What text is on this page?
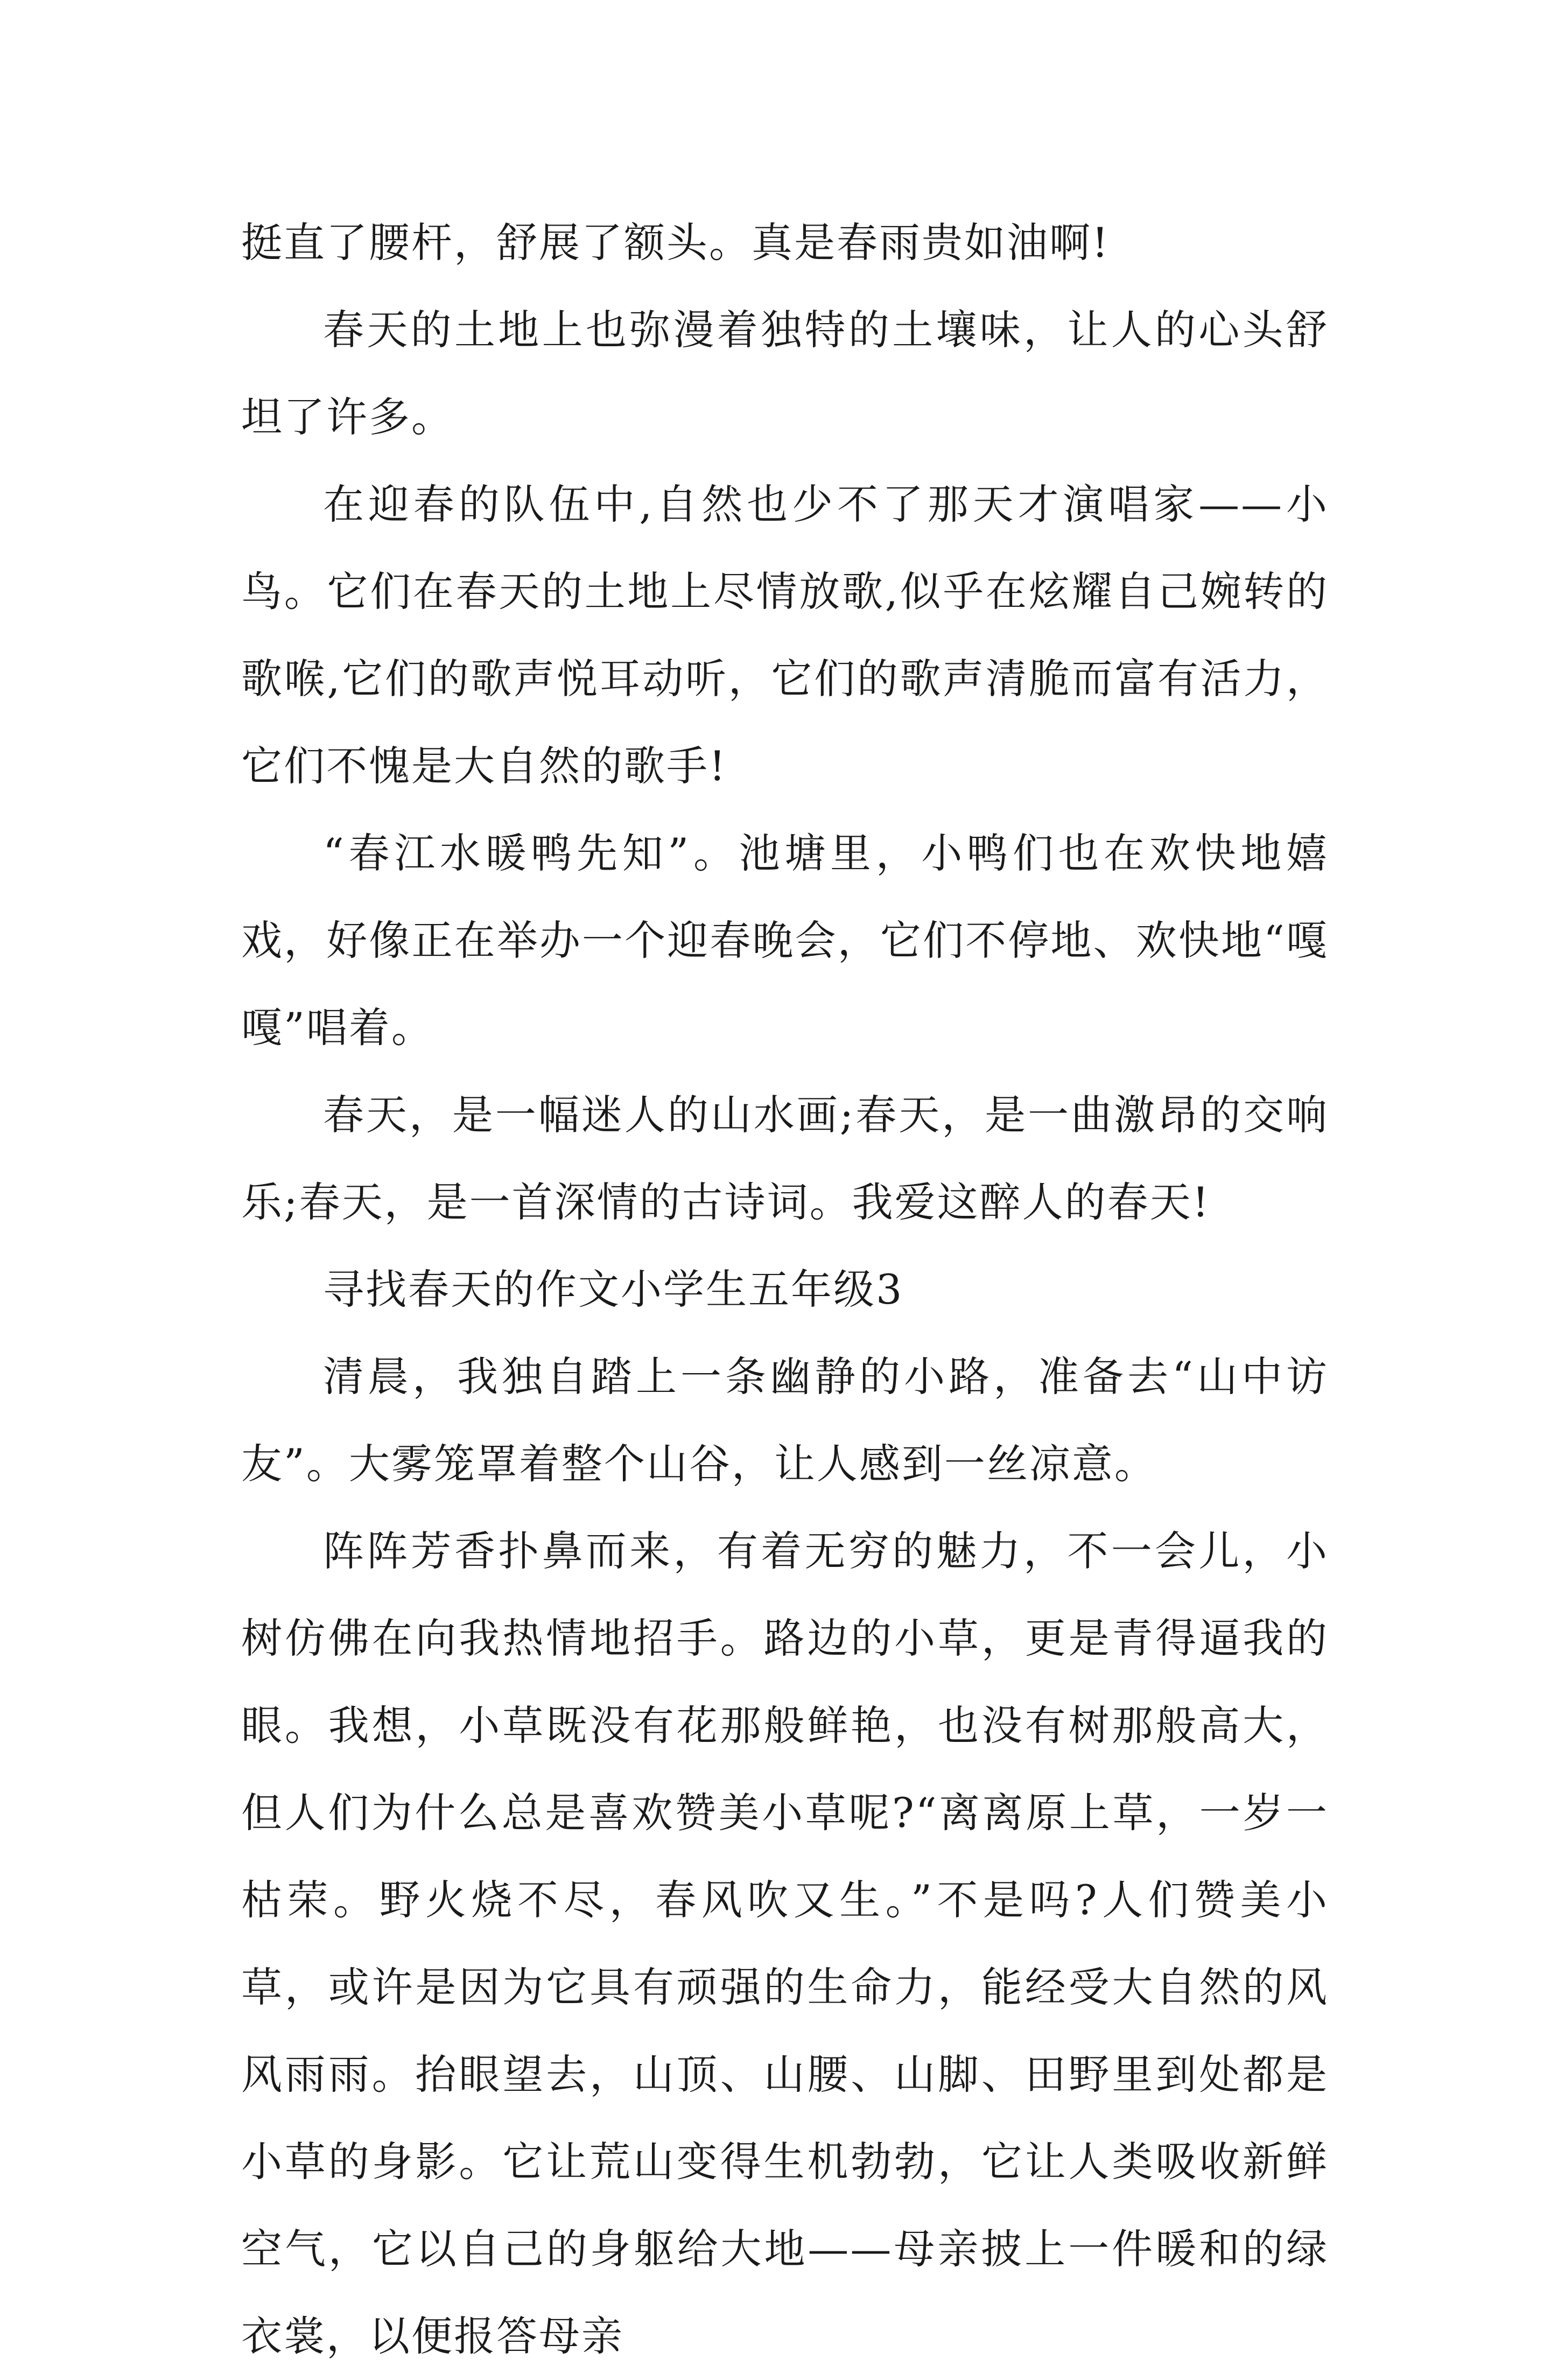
挺直了腰杆，舒展了额头。真是春雨贵如油啊!

春天的土地上也弥漫着独特的土壤味，让人的心头舒坦了许多。

在迎春的队伍中,自然也少不了那天才演唱家——小鸟。它们在春天的土地上尽情放歌,似乎在炫耀自己婉转的歌喉,它们的歌声悦耳动听，它们的歌声清脆而富有活力，它们不愧是大自然的歌手!

“春江水暖鸭先知”。池塘里，小鸭们也在欢快地嬉戏，好像正在举办一个迎春晚会，它们不停地、欢快地“嘎嘎”唱着。

春天，是一幅迷人的山水画;春天，是一曲激昂的交响乐;春天，是一首深情的古诗词。我爱这醉人的春天!

寻找春天的作文小学生五年级3

清晨，我独自踏上一条幽静的小路，准备去“山中访友”。大雾笼罩着整个山谷，让人感到一丝凉意。

阵阵芳香扑鼻而来，有着无穷的魅力，不一会儿，小树仿佛在向我热情地招手。路边的小草，更是青得逼我的眼。我想，小草既没有花那般鲜艳，也没有树那般高大，但人们为什么总是喜欢赞美小草呢?“离离原上草，一岁一枯荣。野火烧不尽，春风吹又生。”不是吗?人们赞美小草，或许是因为它具有顽强的生命力，能经受大自然的风风雨雨。抬眼望去，山顶、山腰、山脚、田野里到处都是小草的身影。它让荒山变得生机勃勃，它让人类吸收新鲜空气，它以自己的身躯给大地——母亲披上一件暖和的绿衣裳，以便报答母亲
